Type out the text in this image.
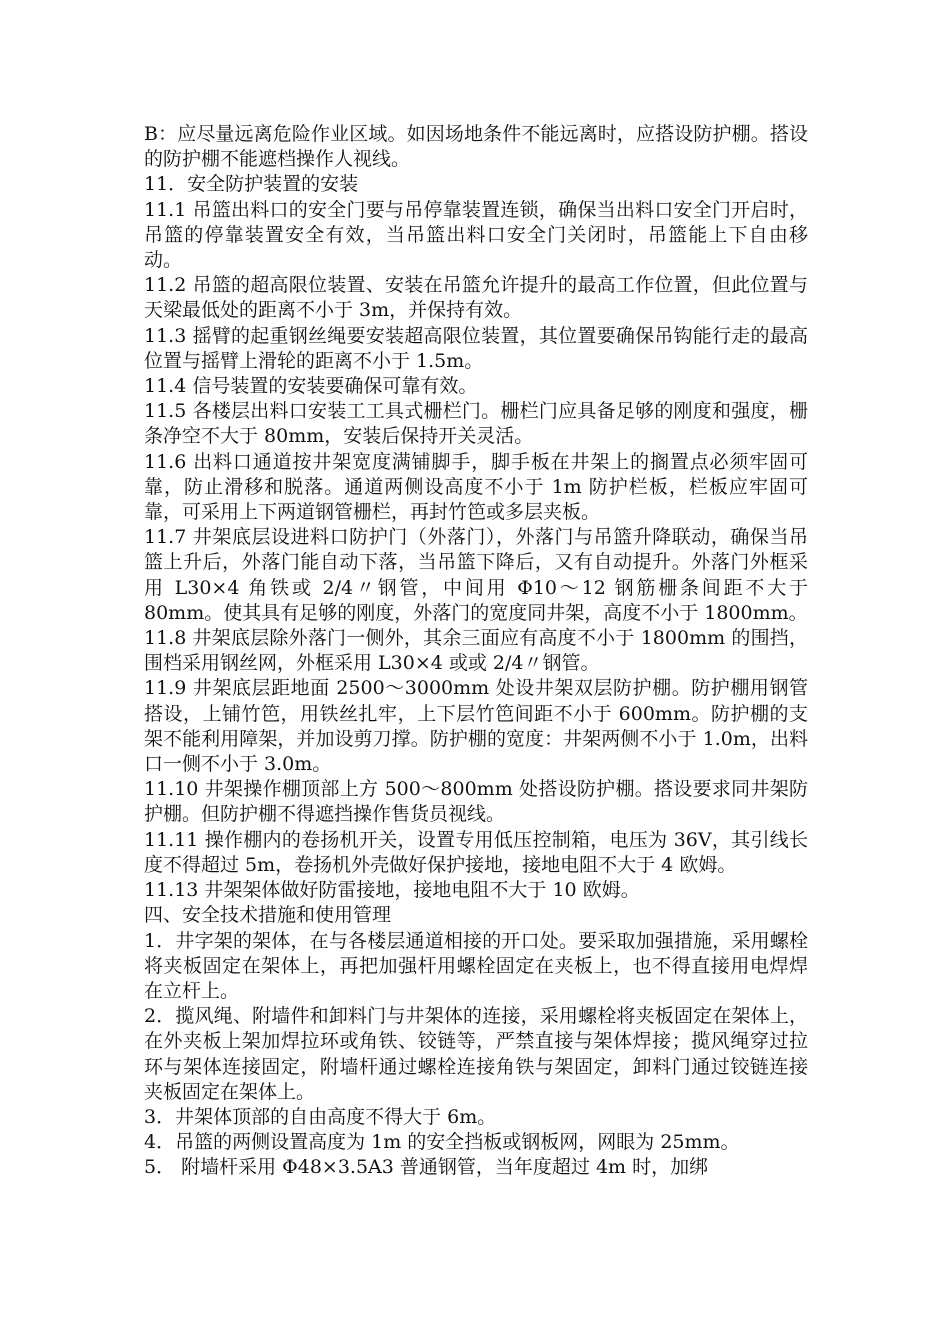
B：应尽量远离危险作业区域。如因场地条件不能远离时，应搭设防护棚。搭设的防护棚不能遮档操作人视线。

11．安全防护装置的安装

11.1 吊篮出料口的安全门要与吊停靠装置连锁，确保当出料口安全门开启时，吊篮的停靠装置安全有效，当吊篮出料口安全门关闭时，吊篮能上下自由移动。

11.2 吊篮的超高限位装置、安装在吊篮允许提升的最高工作位置，但此位置与天梁最低处的距离不小于 3m，并保持有效。

11.3 摇臂的起重钢丝绳要安装超高限位装置，其位置要确保吊钩能行走的最高位置与摇臂上滑轮的距离不小于 1.5m。

11.4 信号装置的安装要确保可靠有效。

11.5 各楼层出料口安装工工具式栅栏门。栅栏门应具备足够的刚度和强度，栅条净空不大于 80mm，安装后保持开关灵活。

11.6 出料口通道按井架宽度满铺脚手，脚手板在井架上的搁置点必须牢固可靠，防止滑移和脱落。通道两侧设高度不小于 1m 防护栏板，栏板应牢固可靠，可采用上下两道钢管栅栏，再封竹笆或多层夹板。

11.7 井架底层设进料口防护门（外落门），外落门与吊篮升降联动，确保当吊篮上升后，外落门能自动下落，当吊篮下降后，又有自动提升。外落门外框采用 L30×4 角铁或 2/4〃钢管，中间用 Φ10～12 钢筋栅条间距不大于 80mm。使其具有足够的刚度，外落门的宽度同井架，高度不小于 1800mm。

11.8 井架底层除外落门一侧外，其余三面应有高度不小于 1800mm 的围挡，围档采用钢丝网，外框采用 L30×4 或或 2/4〃钢管。

11.9 井架底层距地面 2500～3000mm 处设井架双层防护棚。防护棚用钢管搭设，上铺竹笆，用铁丝扎牢，上下层竹笆间距不小于 600mm。防护棚的支架不能利用障架，并加设剪刀撑。防护棚的宽度：井架两侧不小于 1.0m，出料口一侧不小于 3.0m。

11.10 井架操作棚顶部上方 500～800mm 处搭设防护棚。搭设要求同井架防护棚。但防护棚不得遮挡操作售货员视线。

11.11 操作棚内的卷扬机开关，设置专用低压控制箱，电压为 36V，其引线长度不得超过 5m，卷扬机外壳做好保护接地，接地电阻不大于 4 欧姆。

11.13 井架架体做好防雷接地，接地电阻不大于 10 欧姆。

四、安全技术措施和使用管理

1．井字架的架体，在与各楼层通道相接的开口处。要采取加强措施，采用螺栓将夹板固定在架体上，再把加强杆用螺栓固定在夹板上，也不得直接用电焊焊在立杆上。

2．揽风绳、附墙件和卸料门与井架体的连接，采用螺栓将夹板固定在架体上，在外夹板上架加焊拉环或角铁、铰链等，严禁直接与架体焊接；揽风绳穿过拉环与架体连接固定，附墙杆通过螺栓连接角铁与架固定，卸料门通过铰链连接夹板固定在架体上。

3．井架体顶部的自由高度不得大于 6m。

4．吊篮的两侧设置高度为 1m 的安全挡板或钢板网，网眼为 25mm。

5． 附墙杆采用 Φ48×3.5A3 普通钢管，当年度超过 4m 时，加绑
